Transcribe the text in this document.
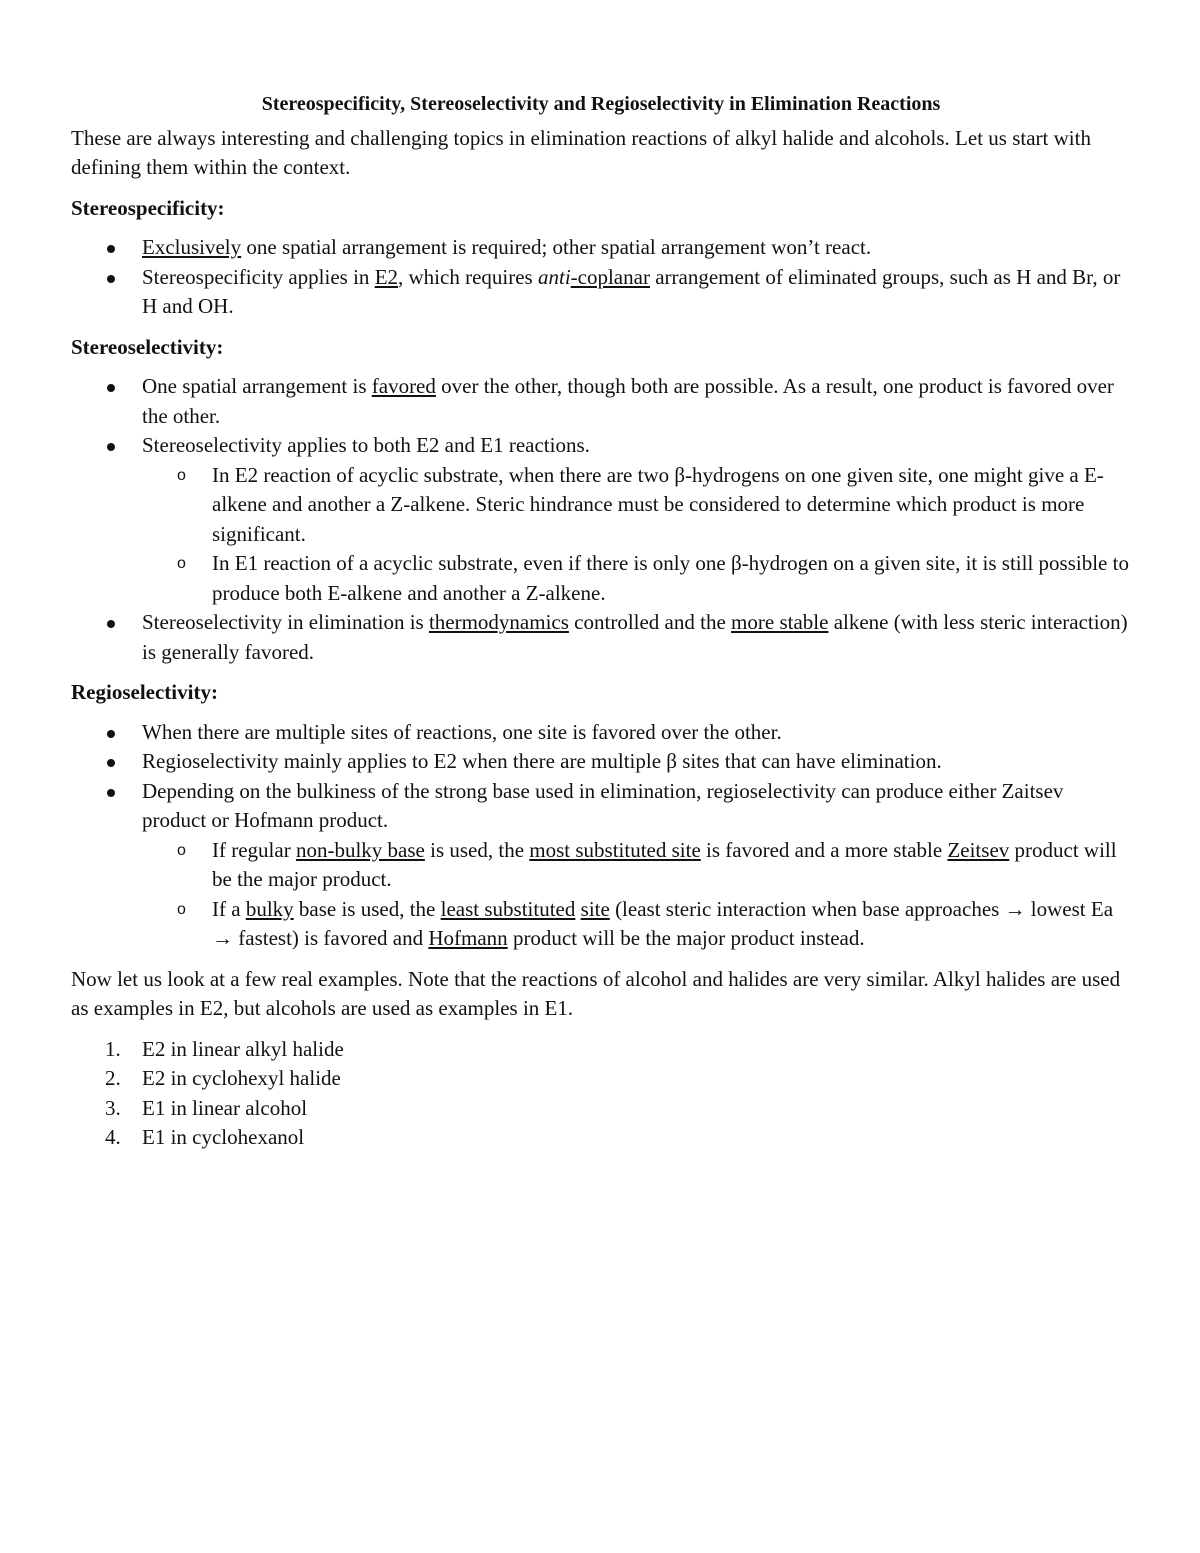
Stereospecificity, Stereoselectivity and Regioselectivity in Elimination Reactions

These are always interesting and challenging topics in elimination reactions of alkyl halide and alcohols. Let us start with defining them within the context.

Stereospecificity:

Exclusively one spatial arrangement is required; other spatial arrangement won’t react.
Stereospecificity applies in E2, which requires anti-coplanar arrangement of eliminated groups, such as H and Br, or H and OH.

Stereoselectivity:

One spatial arrangement is favored over the other, though both are possible. As a result, one product is favored over the other.
Stereoselectivity applies to both E2 and E1 reactions.
o In E2 reaction of acyclic substrate, when there are two β-hydrogens on one given site, one might give a E-alkene and another a Z-alkene. Steric hindrance must be considered to determine which product is more significant.
o In E1 reaction of a acyclic substrate, even if there is only one β-hydrogen on a given site, it is still possible to produce both E-alkene and another a Z-alkene.
Stereoselectivity in elimination is thermodynamics controlled and the more stable alkene (with less steric interaction) is generally favored.

Regioselectivity:

When there are multiple sites of reactions, one site is favored over the other.
Regioselectivity mainly applies to E2 when there are multiple β sites that can have elimination.
Depending on the bulkiness of the strong base used in elimination, regioselectivity can produce either Zaitsev product or Hofmann product.
o If regular non-bulky base is used, the most substituted site is favored and a more stable Zeitsev product will be the major product.
o If a bulky base is used, the least substituted site (least steric interaction when base approaches → lowest Ea → fastest) is favored and Hofmann product will be the major product instead.

Now let us look at a few real examples. Note that the reactions of alcohol and halides are very similar. Alkyl halides are used as examples in E2, but alcohols are used as examples in E1.

1. E2 in linear alkyl halide
2. E2 in cyclohexyl halide
3. E1 in linear alcohol
4. E1 in cyclohexanol
